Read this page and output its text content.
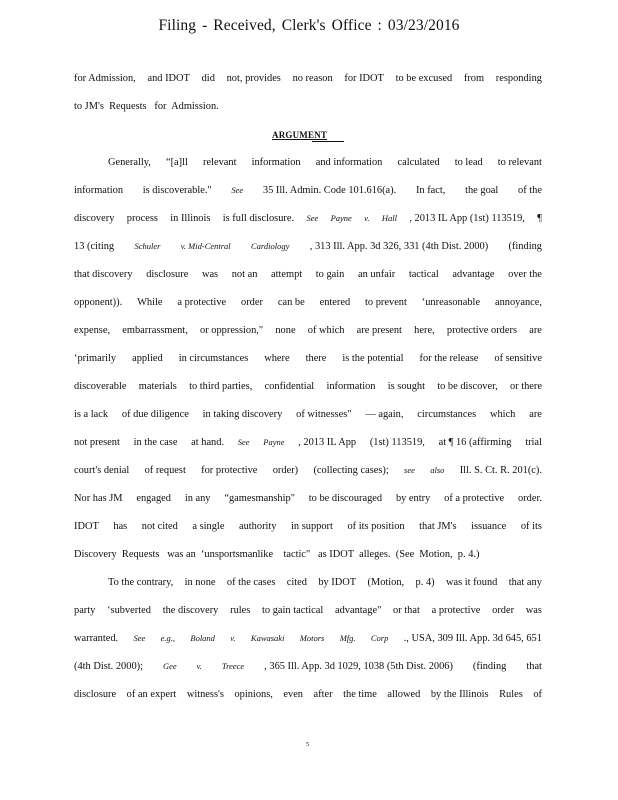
Filing - Received, Clerk's Office : 03/23/2016
ARGUMENT
for Admission, and IDOT did not, provides no reason for IDOT to be excused from responding
to JM's  Requests   for  Admission.
Generally, “[a]ll relevant information and information calculated to lead to relevant
information is discoverable." See 35 Ill. Admin. Code 101.616(a). In fact, the goal of the
discovery process in Illinois is full disclosure. See Payne v. Hall , 2013 IL App (1st) 113519, ¶
13 (citing Schuler v. Mid-Central Cardiology , 313 Ill. App. 3d 326, 331 (4th Dist. 2000) (finding
that discovery disclosure was not an attempt to gain an unfair tactical advantage over the
opponent)). While a protective order can be entered to prevent ‘unreasonable annoyance,
expense, embarrassment, or oppression," none of which are present here, protective orders are
‘primarily applied in circumstances where there is the potential for the release of sensitive
discoverable materials to third parties, confidential information is sought to be discover, or there
is a lack of due diligence in taking discovery of witnesses" — again, circumstances which are
not present in the case at hand. See Payne , 2013 IL App (1st) 113519, at ¶ 16 (affirming trial
court's denial of request for protective order) (collecting cases); see also Ill. S. Ct. R. 201(c).
Nor has JM engaged in any “gamesmanship" to be discouraged by entry of a protective order.
IDOT has not cited a single authority in support of its position that JM's issuance of its
Discovery  Requests   was an  ‘unsportsmanlike    tactic"   as IDOT  alleges.  (See  Motion,  p. 4.)
To the contrary, in none of the cases cited by IDOT (Motion, p. 4) was it found that any
party ‘subverted the discovery rules to gain tactical advantage" or that a protective order was
warranted. See e.g., Boland v. Kawasaki Motors Mfg. Corp ., USA, 309 Ill. App. 3d 645, 651
(4th Dist. 2000); Gee v. Treece , 365 Ill. App. 3d 1029, 1038 (5th Dist. 2006) (finding that
disclosure of an expert witness's opinions, even after the time allowed by the Illinois Rules of
5
